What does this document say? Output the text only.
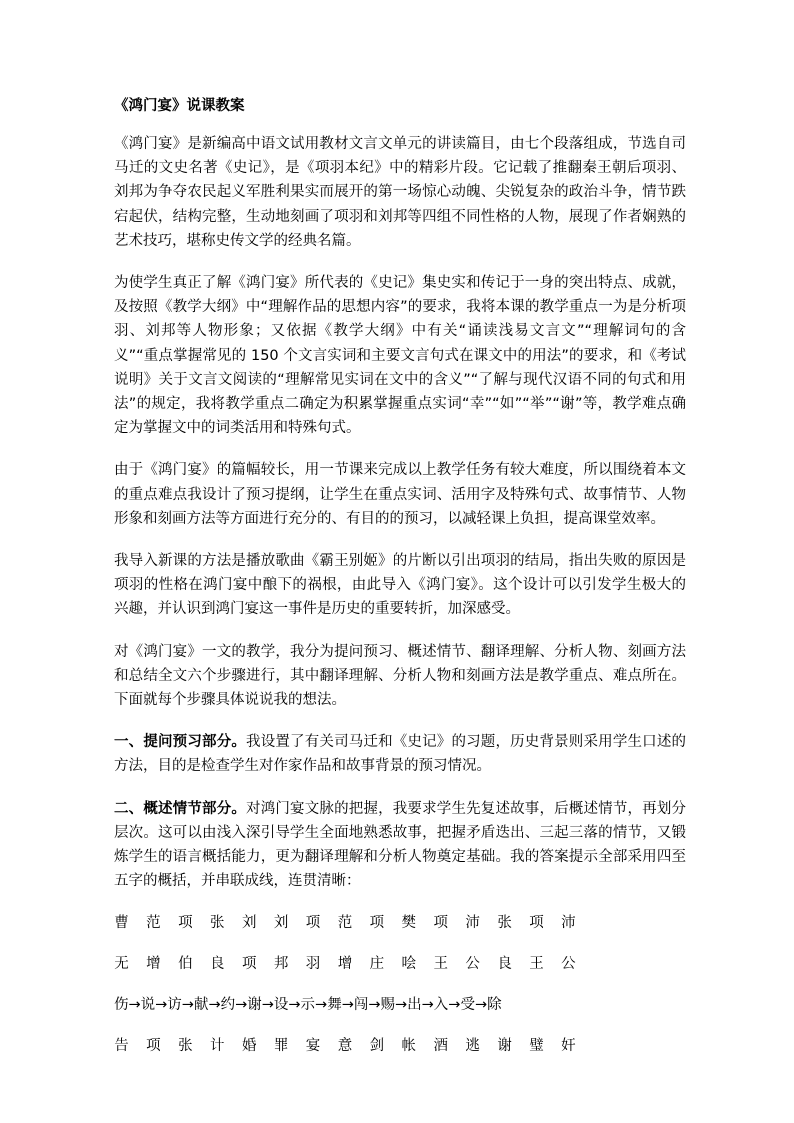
《鸿门宴》说课教案

《鸿门宴》是新编高中语文试用教材文言文单元的讲读篇目，由七个段落组成，节选自司马迁的文史名著《史记》，是《项羽本纪》中的精彩片段。它记载了推翻秦王朝后项羽、刘邦为争夺农民起义军胜利果实而展开的第一场惊心动魄、尖锐复杂的政治斗争，情节跌宕起伏，结构完整，生动地刻画了项羽和刘邦等四组不同性格的人物，展现了作者娴熟的艺术技巧，堪称史传文学的经典名篇。

为使学生真正了解《鸿门宴》所代表的《史记》集史实和传记于一身的突出特点、成就，及按照《教学大纲》中“理解作品的思想内容”的要求，我将本课的教学重点一为是分析项羽、刘邦等人物形象；又依据《教学大纲》中有关“诵读浅易文言文”“理解词句的含义”“重点掌握常见的 150 个文言实词和主要文言句式在课文中的用法”的要求，和《考试说明》关于文言文阅读的“理解常见实词在文中的含义”“了解与现代汉语不同的句式和用法”的规定，我将教学重点二确定为积累掌握重点实词“幸”“如”“举”“谢”等，教学难点确定为掌握文中的词类活用和特殊句式。

由于《鸿门宴》的篇幅较长，用一节课来完成以上教学任务有较大难度，所以围绕着本文的重点难点我设计了预习提纲，让学生在重点实词、活用字及特殊句式、故事情节、人物形象和刻画方法等方面进行充分的、有目的的预习，以减轻课上负担，提高课堂效率。

我导入新课的方法是播放歌曲《霸王别姬》的片断以引出项羽的结局，指出失败的原因是项羽的性格在鸿门宴中酿下的祸根，由此导入《鸿门宴》。这个设计可以引发学生极大的兴趣，并认识到鸿门宴这一事件是历史的重要转折，加深感受。

对《鸿门宴》一文的教学，我分为提问预习、概述情节、翻译理解、分析人物、刻画方法和总结全文六个步骤进行，其中翻译理解、分析人物和刻画方法是教学重点、难点所在。下面就每个步骤具体说说我的想法。

一、提问预习部分。我设置了有关司马迁和《史记》的习题，历史背景则采用学生口述的方法，目的是检查学生对作家作品和故事背景的预习情况。

二、概述情节部分。对鸿门宴文脉的把握，我要求学生先复述故事，后概述情节，再划分层次。这可以由浅入深引导学生全面地熟悉故事，把握矛盾迭出、三起三落的情节，又锻炼学生的语言概括能力，更为翻译理解和分析人物奠定基础。我的答案提示全部采用四至五字的概括，并串联成线，连贯清晰：

曹 范 项 张 刘 刘 项 范 项 樊 项 沛 张 项 沛
无 增 伯 良 项 邦 羽 增 庄 哙 王 公 良 王 公
伤→说→访→献→约→谢→设→示→舞→闯→赐→出→入→受→除
告 项 张 计 婚 罪 宴 意 剑 帐 酒 逃 谢 璧 奸
